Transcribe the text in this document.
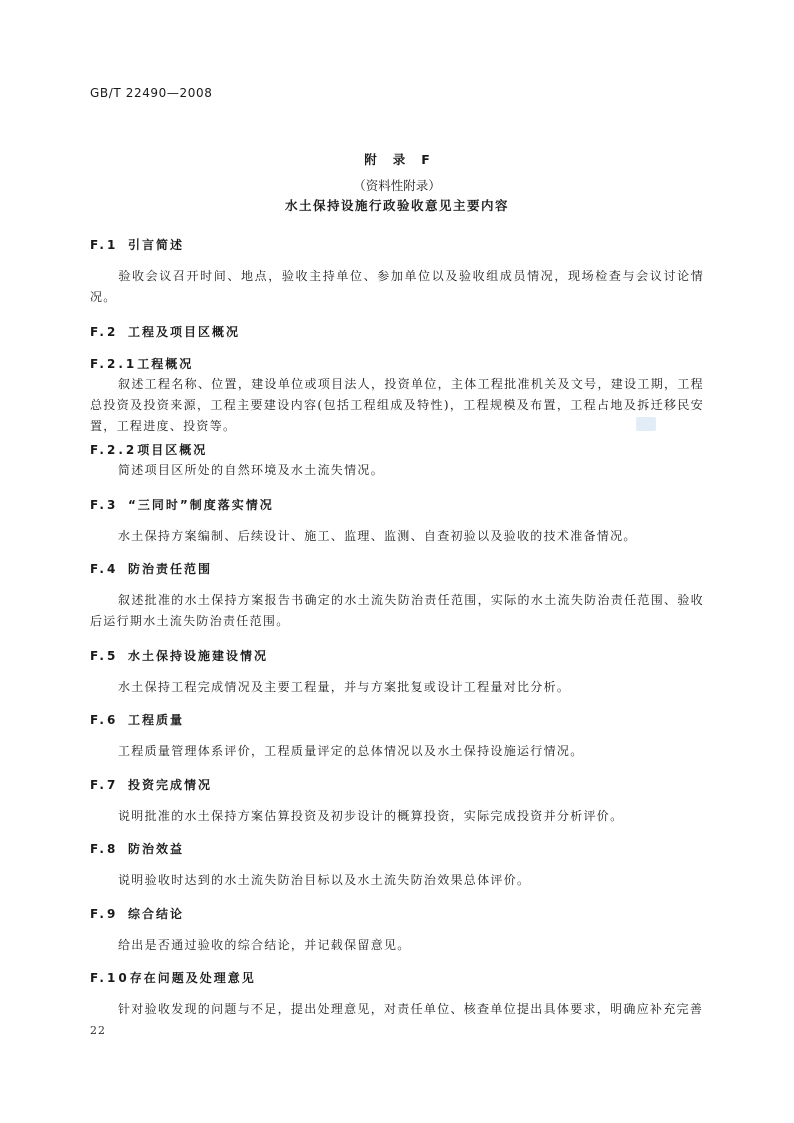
GB/T 22490—2008
附 录 F
（资料性附录）
水土保持设施行政验收意见主要内容
F.1 引言简述
验收会议召开时间、地点，验收主持单位、参加单位以及验收组成员情况，现场检查与会议讨论情况。
F.2 工程及项目区概况
F.2.1工程概况
叙述工程名称、位置，建设单位或项目法人，投资单位，主体工程批准机关及文号，建设工期，工程总投资及投资来源，工程主要建设内容(包括工程组成及特性)，工程规模及布置，工程占地及拆迁移民安置，工程进度、投资等。
F.2.2项目区概况
简述项目区所处的自然环境及水土流失情况。
F.3 “三同时”制度落实情况
水土保持方案编制、后续设计、施工、监理、监测、自查初验以及验收的技术准备情况。
F.4 防治责任范围
叙述批准的水土保持方案报告书确定的水土流失防治责任范围，实际的水土流失防治责任范围、验收后运行期水土流失防治责任范围。
F.5 水土保持设施建设情况
水土保持工程完成情况及主要工程量，并与方案批复或设计工程量对比分析。
F.6 工程质量
工程质量管理体系评价，工程质量评定的总体情况以及水土保持设施运行情况。
F.7 投资完成情况
说明批准的水土保持方案估算投资及初步设计的概算投资，实际完成投资并分析评价。
F.8 防治效益
说明验收时达到的水土流失防治目标以及水土流失防治效果总体评价。
F.9 综合结论
给出是否通过验收的综合结论，并记载保留意见。
F.10存在问题及处理意见
针对验收发现的问题与不足，提出处理意见，对责任单位、核查单位提出具体要求，明确应补充完善
22
